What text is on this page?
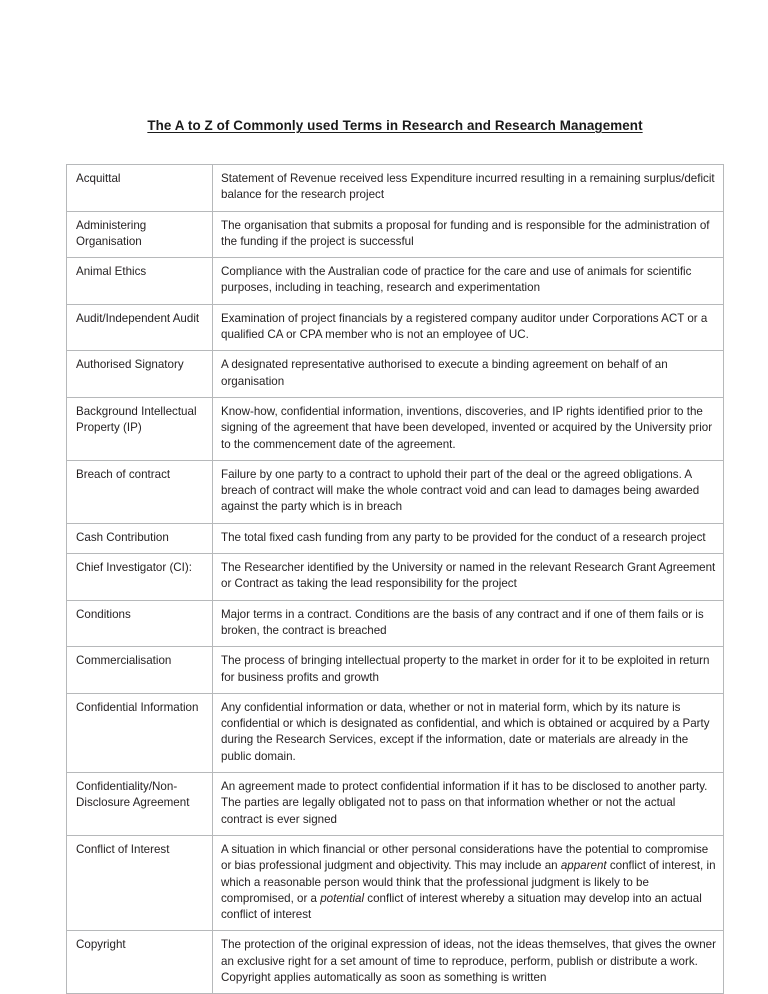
The A to Z of Commonly used Terms in Research and Research Management
Acquittal	Statement of Revenue received less Expenditure incurred resulting in a remaining surplus/deficit balance for the research project
Administering Organisation	The organisation that submits a proposal for funding and is responsible for the administration of the funding if the project is successful
Animal Ethics	Compliance with the Australian code of practice for the care and use of animals for scientific purposes, including in teaching, research and experimentation
Audit/Independent Audit	Examination of project financials by a registered company auditor under Corporations ACT or a qualified CA or CPA member who is not an employee of UC.
Authorised Signatory	A designated representative authorised to execute a binding agreement on behalf of an organisation
Background Intellectual Property (IP)	Know-how, confidential information, inventions, discoveries, and IP rights identified prior to the signing of the agreement that have been developed, invented or acquired by the University prior to the commencement date of the agreement.
Breach of contract	Failure by one party to a contract to uphold their part of the deal or the agreed obligations. A breach of contract will make the whole contract void and can lead to damages being awarded against the party which is in breach
Cash Contribution	The total fixed cash funding from any party to be provided for the conduct of a research project
Chief Investigator (CI):	The Researcher identified by the University or named in the relevant Research Grant Agreement or Contract as taking the lead responsibility for the project
Conditions	Major terms in a contract. Conditions are the basis of any contract and if one of them fails or is broken, the contract is breached
Commercialisation	The process of bringing intellectual property to the market in order for it to be exploited in return for business profits and growth
Confidential Information	Any confidential information or data, whether or not in material form, which by its nature is confidential or which is designated as confidential, and which is obtained or acquired by a Party during the Research Services, except if the information, date or materials are already in the public domain.
Confidentiality/Non-Disclosure Agreement	An agreement made to protect confidential information if it has to be disclosed to another party. The parties are legally obligated not to pass on that information whether or not the actual contract is ever signed
Conflict of Interest	A situation in which financial or other personal considerations have the potential to compromise or bias professional judgment and objectivity. This may include an apparent conflict of interest, in which a reasonable person would think that the professional judgment is likely to be compromised, or a potential conflict of interest whereby a situation may develop into an actual conflict of interest
Copyright	The protection of the original expression of ideas, not the ideas themselves, that gives the owner an exclusive right for a set amount of time to reproduce, perform, publish or distribute a work. Copyright applies automatically as soon as something is written
